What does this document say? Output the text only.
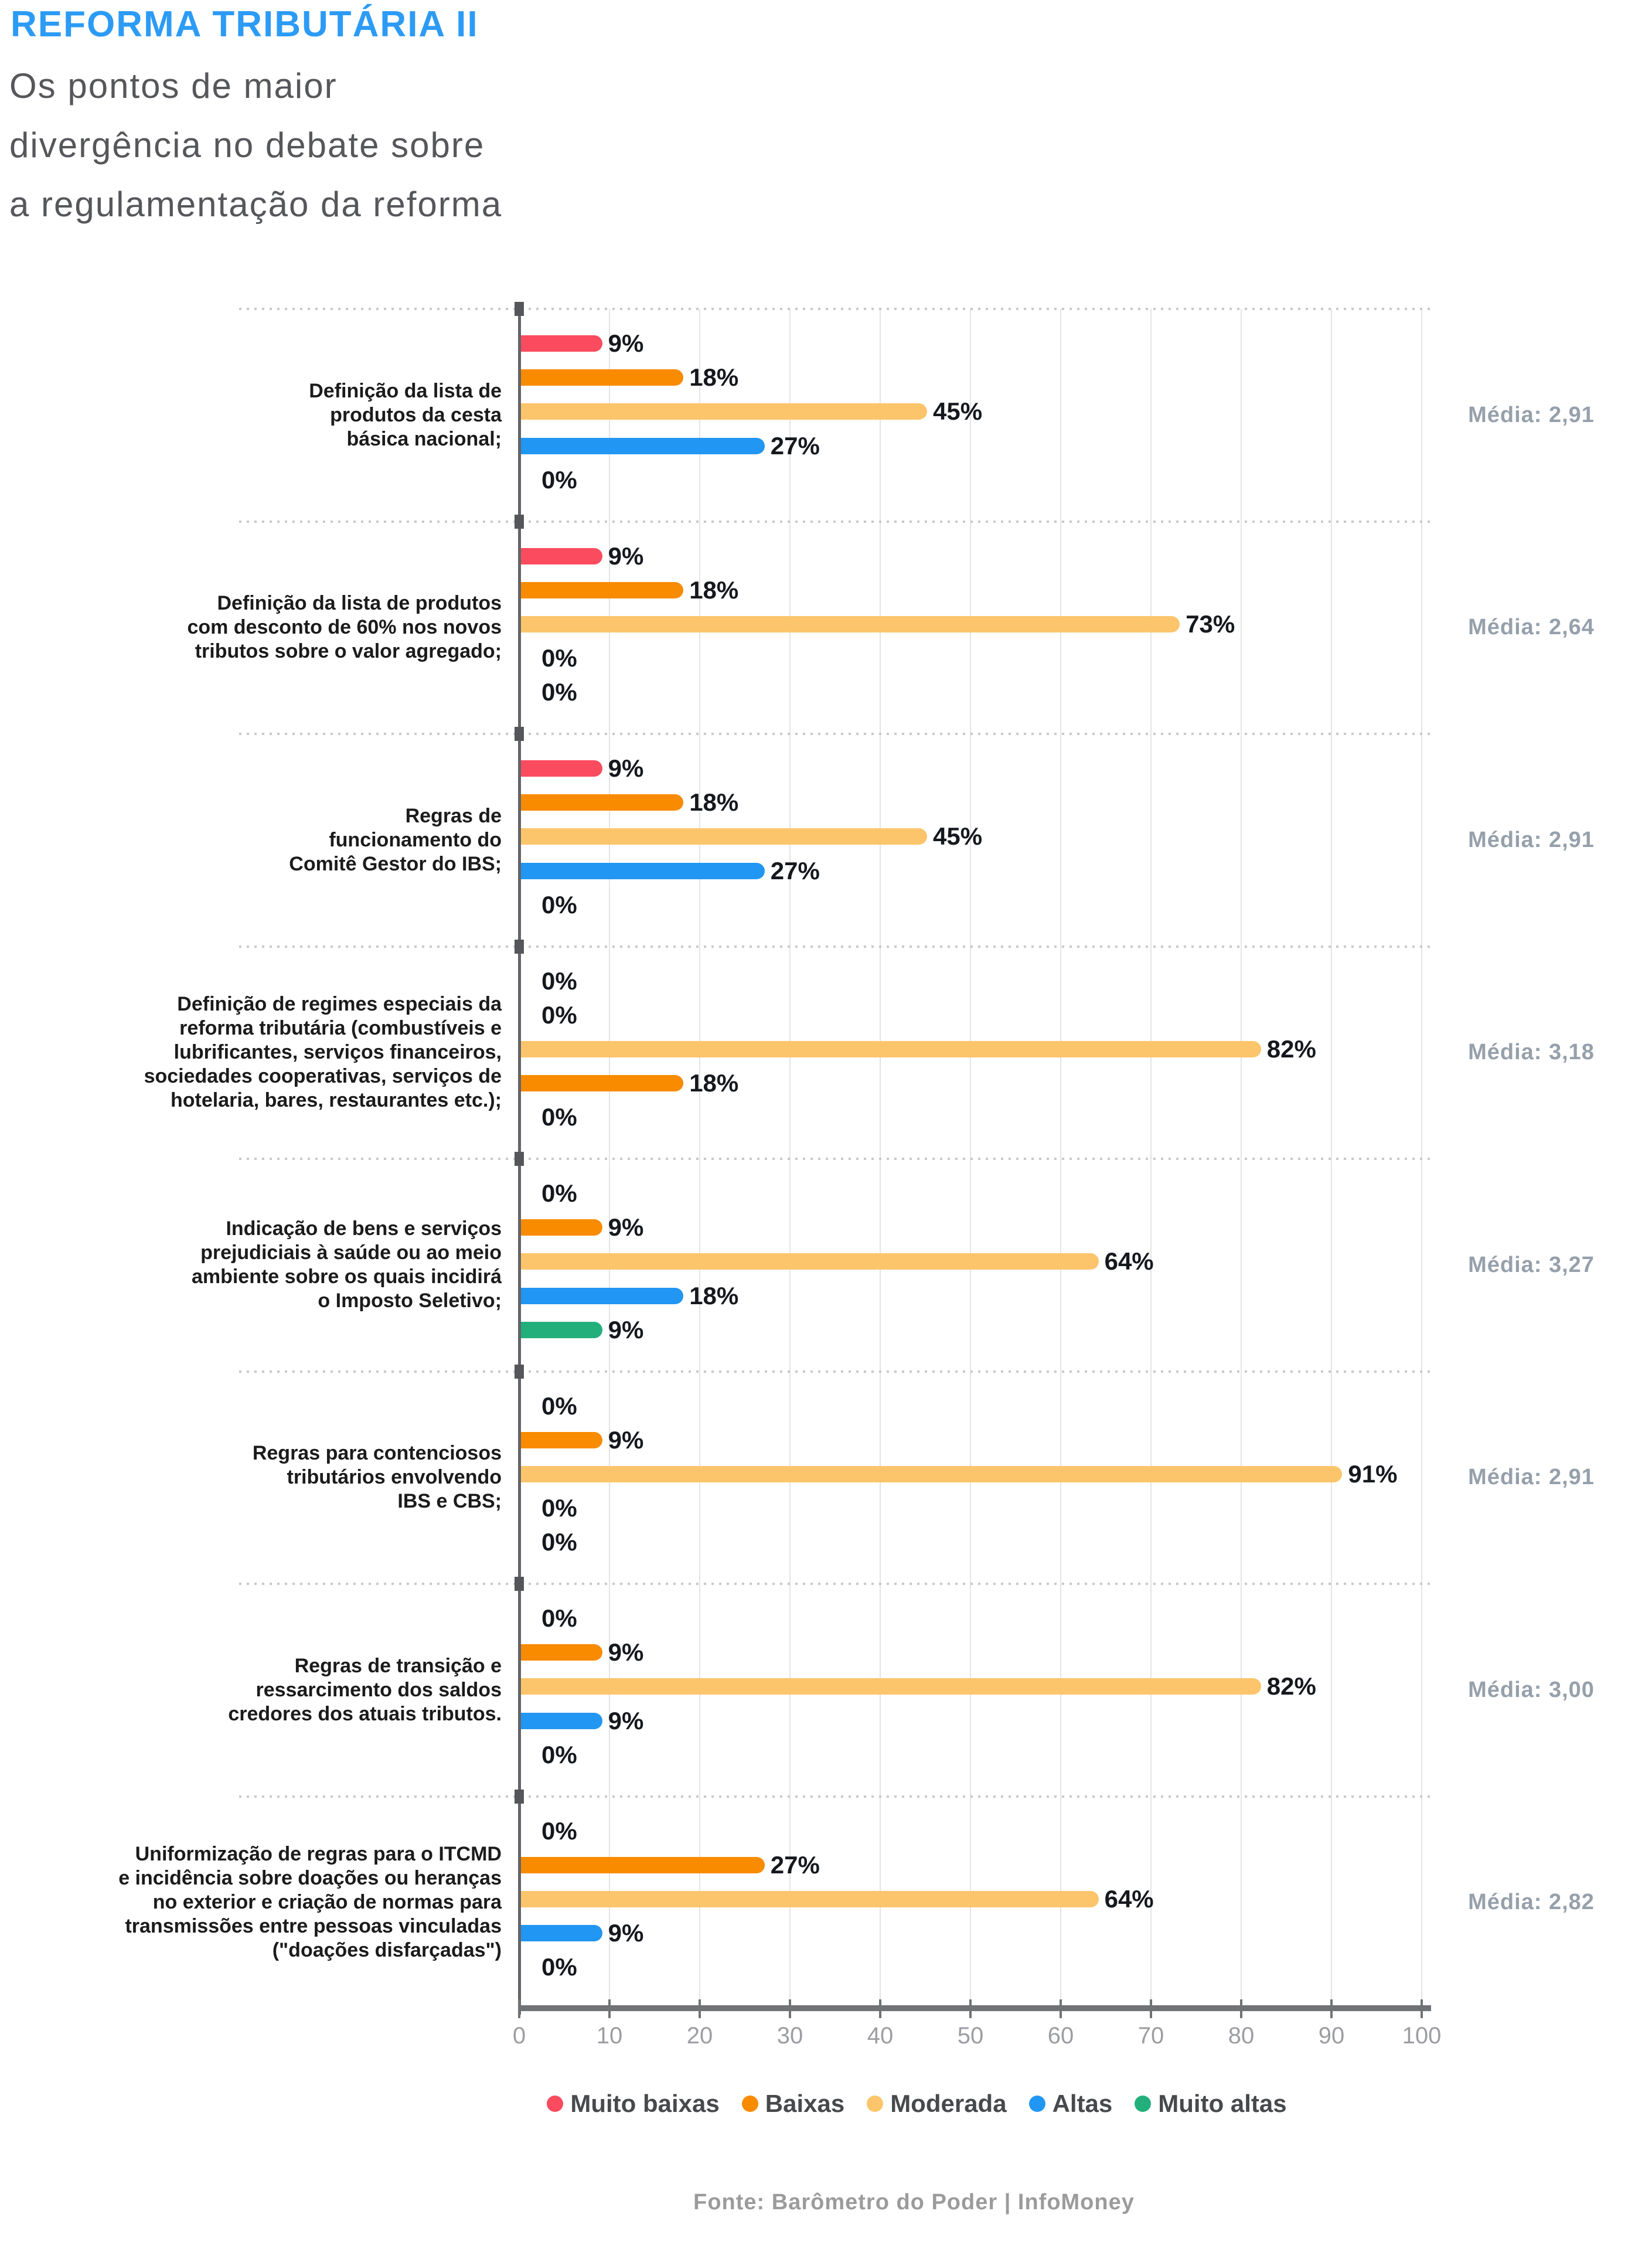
REFORMA TRIBUTÁRIA II
Os pontos de maior
divergência no debate sobre
a regulamentação da reforma
Definição da lista de
produtos da cesta
básica nacional;
Média: 2,91
9%
18%
45%
27%
0%
Definição da lista de produtos
com desconto de 60% nos novos
tributos sobre o valor agregado;
Média: 2,64
9%
18%
73%
0%
0%
Regras de
funcionamento do
Comitê Gestor do IBS;
Média: 2,91
9%
18%
45%
27%
0%
Definição de regimes especiais da
reforma tributária (combustíveis e
lubrificantes, serviços financeiros,
sociedades cooperativas, serviços de
hotelaria, bares, restaurantes etc.);
Média: 3,18
0%
0%
82%
18%
0%
Indicação de bens e serviços
prejudiciais à saúde ou ao meio
ambiente sobre os quais incidirá
o Imposto Seletivo;
Média: 3,27
0%
9%
64%
18%
9%
Regras para contenciosos
tributários envolvendo
IBS e CBS;
Média: 2,91
0%
9%
91%
0%
0%
Regras de transição e
ressarcimento dos saldos
credores dos atuais tributos.
Média: 3,00
0%
9%
82%
9%
0%
Uniformização de regras para o ITCMD
e incidência sobre doações ou heranças
no exterior e criação de normas para
transmissões entre pessoas vinculadas
("doações disfarçadas")
Média: 2,82
0%
27%
64%
9%
0%
0	10	20	30	40	50	60	70	80	90	100
Muito baixas Baixas Moderada Altas Muito altas
Fonte: Barômetro do Poder | InfoMoney
